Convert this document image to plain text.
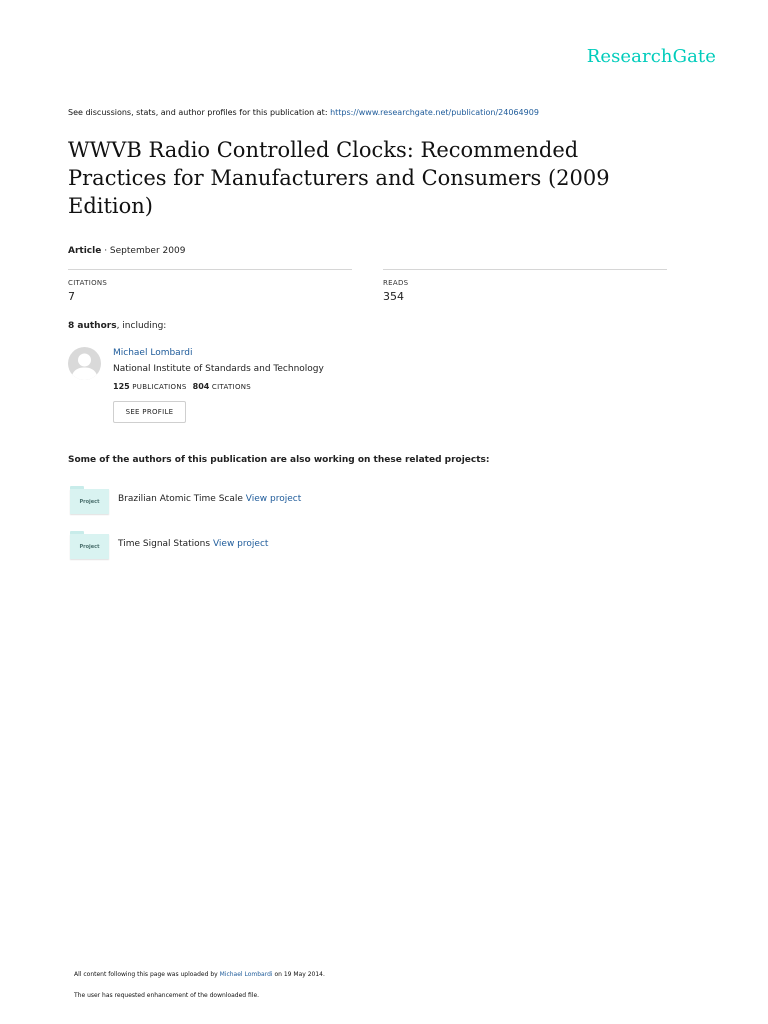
ResearchGate
See discussions, stats, and author profiles for this publication at: https://www.researchgate.net/publication/24064909
WWVB Radio Controlled Clocks: Recommended Practices for Manufacturers and Consumers (2009 Edition)
Article · September 2009
CITATIONS
7
READS
354
8 authors, including:
Michael Lombardi
National Institute of Standards and Technology
125 PUBLICATIONS 804 CITATIONS
SEE PROFILE
Some of the authors of this publication are also working on these related projects:
Project	Brazilian Atomic Time Scale View project
Project	Time Signal Stations View project
All content following this page was uploaded by Michael Lombardi on 19 May 2014.
The user has requested enhancement of the downloaded file.
